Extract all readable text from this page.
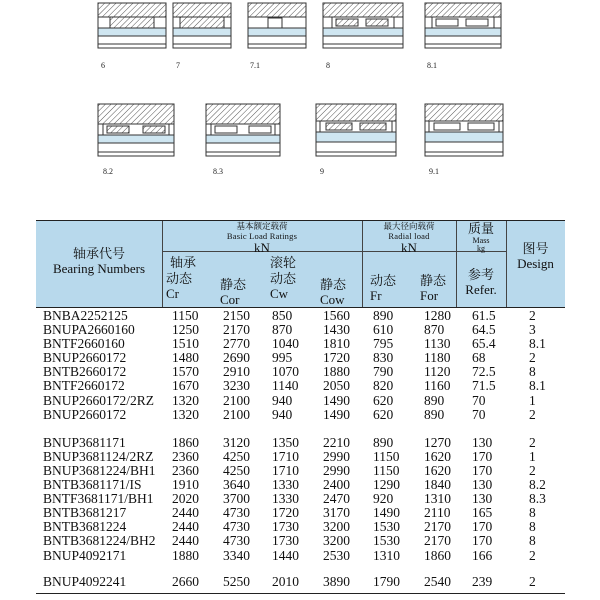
6	7	7.1	8	8.1
8.2	8.3	9	9.1
轴承代号
Bearing Numbers
基本额定载荷
Basic Load Ratings
kN
轴承	滚轮
动态
Cr
静态
Cor
动态
Cw
静态
Cow
最大径向载荷
Radial load
kN
动态
Fr
静态
For
质量
Mass
kg
参考
Refer.
图号
Design
BNBA2252125	1150 2150 850 1560 890 1280 61.5 2
BNUPA2660160	1250 2170 870 1430 610 870 64.5 3
BNTF2660160	1510 2770 1040 1810 795 1130 65.4 8.1
BNUP2660172	1480 2690 995 1720 830 1180 68	2
BNTB2660172	1570 2910 1070 1880 790 1120 72.5 8
BNTF2660172	1670 3230 1140 2050 820 1160 71.5 8.1
BNUP2660172/2RZ 1320 2100 940 1490 620 890 70	1
BNUP2660172	1320 2100 940 1490 620 890 70	2
BNUP3681171	1860 3120 1350 2210 890 1270 130	2
BNUP3681124/2RZ 2360 4250 1710 2990 1150 1620 170	1
BNUP3681224/BH1 2360 4250 1710 2990 1150 1620 170	2
BNTB3681171/IS 1910 3640 1330 2400 1290 1840 130	8.2
BNTF3681171/BH1 2020 3700 1330 2470 920 1310 130	8.3
BNTB3681217	2440 4730 1720 3170 1490 2110 165	8
BNTB3681224	2440 4730 1730 3200 1530 2170 170	8
BNTB3681224/BH2 2440 4730 1730 3200 1530 2170 170	8
BNUP4092171	1880 3340 1440 2530 1310 1860 166	2
BNUP4092241	2660 5250 2010 3890 1790 2540 239	2
